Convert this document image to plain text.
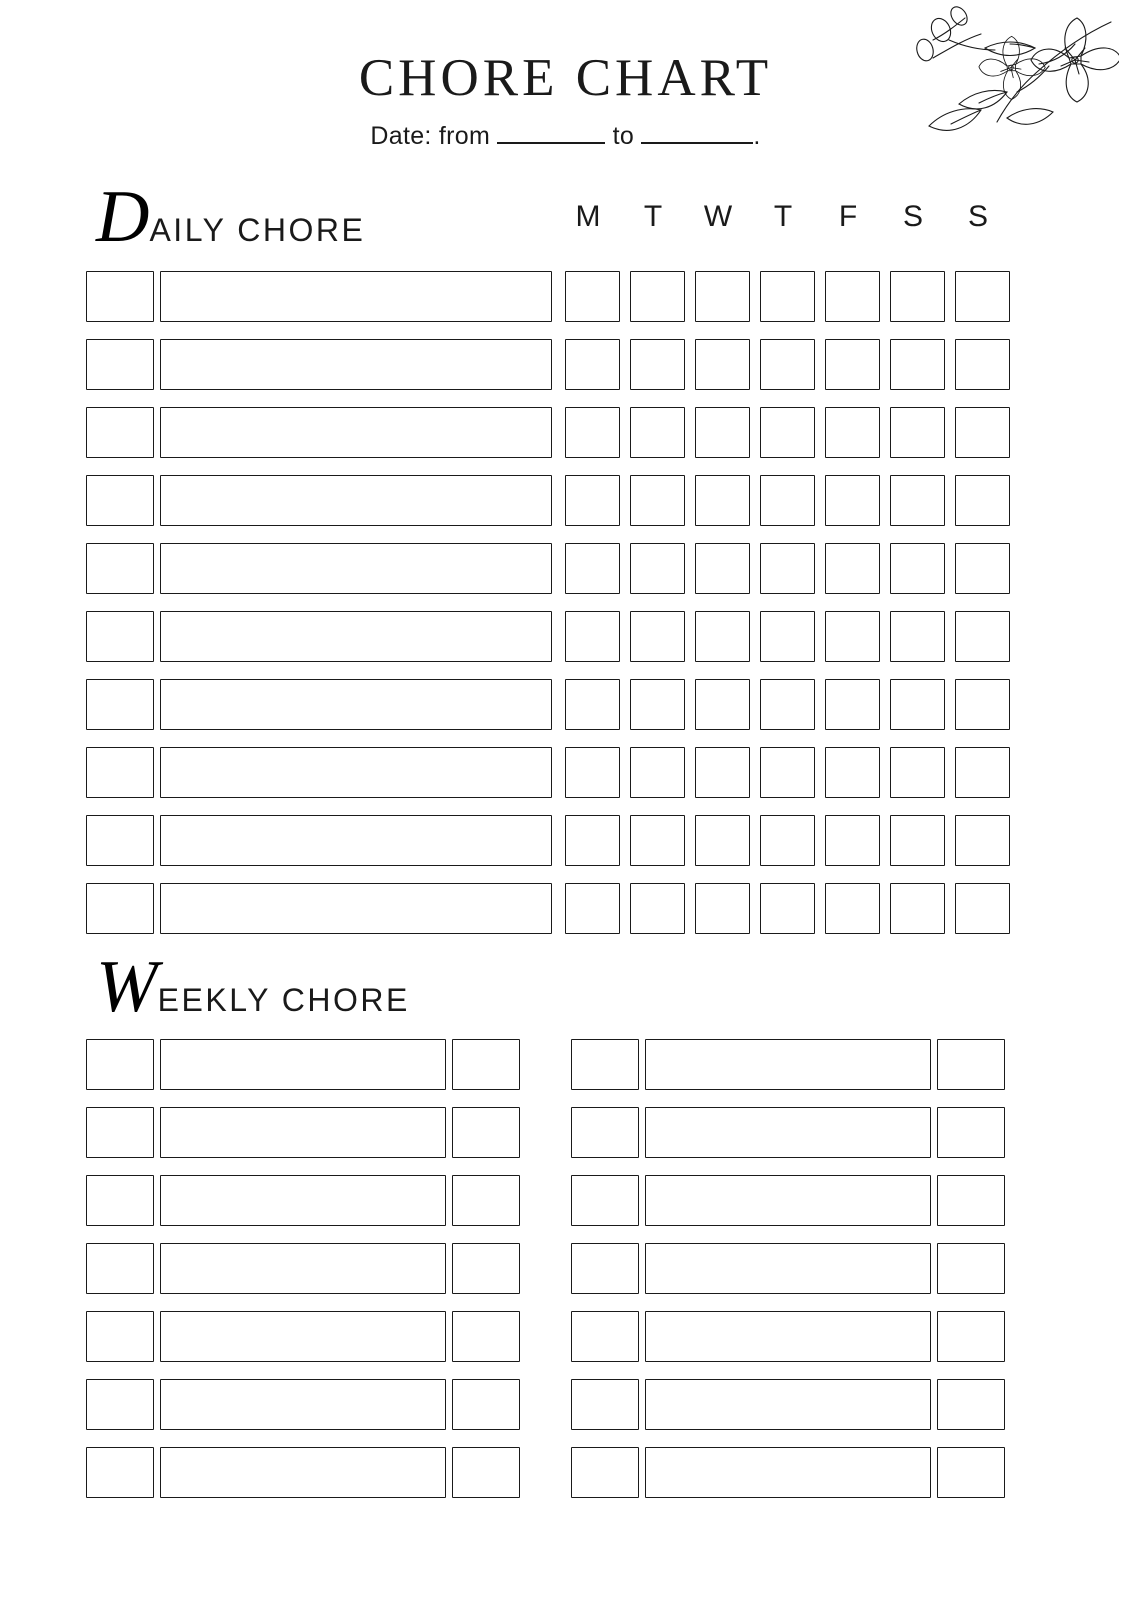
CHORE CHART
Date: from	to	.
D AILY CHORE	M	T	W	T	F	S	S
W EEKLY CHORE
